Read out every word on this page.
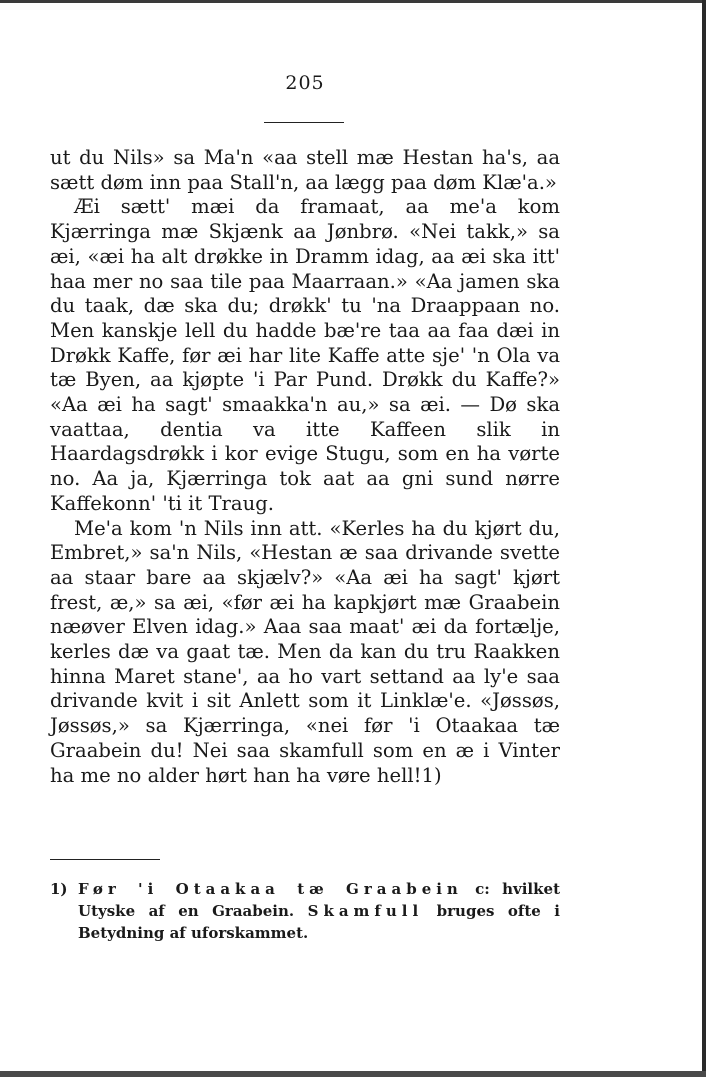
205

ut du Nils» sa Ma'n «aa stell mæ Hestan ha's, aa sætt døm inn paa Stall'n, aa lægg paa døm Klæ'a.»

Æi sætt' mæi da framaat, aa me'a kom Kjærringa mæ Skjænk aa Jønbrø. «Nei takk,» sa æi, «æi ha alt drøkke in Dramm idag, aa æi ska itt' haa mer no saa tile paa Maarraan.» «Aa jamen ska du taak, dæ ska du; drøkk' tu 'na Draappaan no. Men kanskje lell du hadde bæ're taa aa faa dæi in Drøkk Kaffe, før æi har lite Kaffe atte sje' 'n Ola va tæ Byen, aa kjøpte 'i Par Pund. Drøkk du Kaffe?» «Aa æi ha sagt' smaakka'n au,» sa æi. — Dø ska vaattaa, dentia va itte Kaffeen slik in Haardagsdrøkk i kor evige Stugu, som en ha vørte no. Aa ja, Kjærringa tok aat aa gni sund nørre Kaffekonn' 'ti it Traug.

Me'a kom 'n Nils inn att. «Kerles ha du kjørt du, Embret,» sa'n Nils, «Hestan æ saa drivande svette aa staar bare aa skjælv?» «Aa æi ha sagt' kjørt frest, æ,» sa æi, «før æi ha kapkjørt mæ Graabein næøver Elven idag.» Aaa saa maat' æi da fortælje, kerles dæ va gaat tæ. Men da kan du tru Raakken hinna Maret stane', aa ho vart settand aa ly'e saa drivande kvit i sit Anlett som it Linklæ'e. «Jøssøs, Jøssøs,» sa Kjærringa, «nei før 'i Otaakaa tæ Graabein du! Nei saa skamfull som en æ i Vinter ha me no alder hørt han ha vøre hell!1)

1) Før 'i Otaakaa tæ Graabein c: hvilket Utyske af en Graabein. Skamfull bruges ofte i Betydning af uforskammet.
